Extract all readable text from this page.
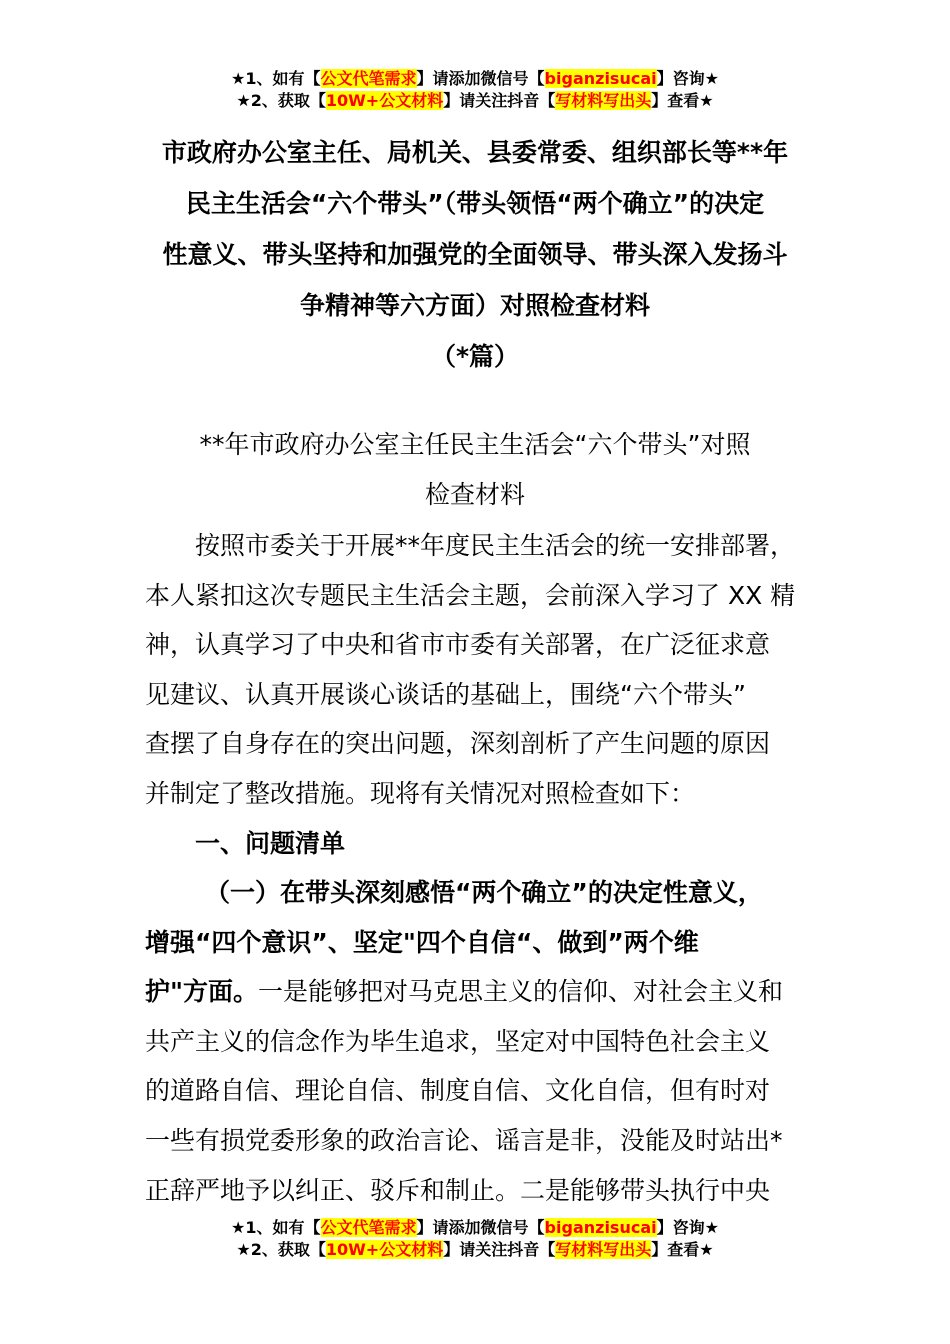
★1、如有【公文代笔需求】请添加微信号【biganzisucai】咨询★
★2、获取【10W+公文材料】请关注抖音【写材料写出头】查看★
市政府办公室主任、局机关、县委常委、组织部长等**年
民主生活会“六个带头”（带头领悟“两个确立”的决定
性意义、带头坚持和加强党的全面领导、带头深入发扬斗
争精神等六方面）对照检查材料
（*篇）
**年市政府办公室主任民主生活会“六个带头”对照
检查材料
按照市委关于开展**年度民主生活会的统一安排部署，
本人紧扣这次专题民主生活会主题，会前深入学习了 XX 精
神，认真学习了中央和省市市委有关部署，在广泛征求意
见建议、认真开展谈心谈话的基础上，围绕“六个带头”
查摆了自身存在的突出问题，深刻剖析了产生问题的原因
并制定了整改措施。现将有关情况对照检查如下：
一、问题清单
（一）在带头深刻感悟“两个确立”的决定性意义，
增强“四个意识”、坚定"四个自信“、做到”两个维
护"方面。一是能够把对马克思主义的信仰、对社会主义和
共产主义的信念作为毕生追求，坚定对中国特色社会主义
的道路自信、理论自信、制度自信、文化自信，但有时对
一些有损党委形象的政治言论、谣言是非，没能及时站出*
正辞严地予以纠正、驳斥和制止。二是能够带头执行中央
★1、如有【公文代笔需求】请添加微信号【biganzisucai】咨询★
★2、获取【10W+公文材料】请关注抖音【写材料写出头】查看★
